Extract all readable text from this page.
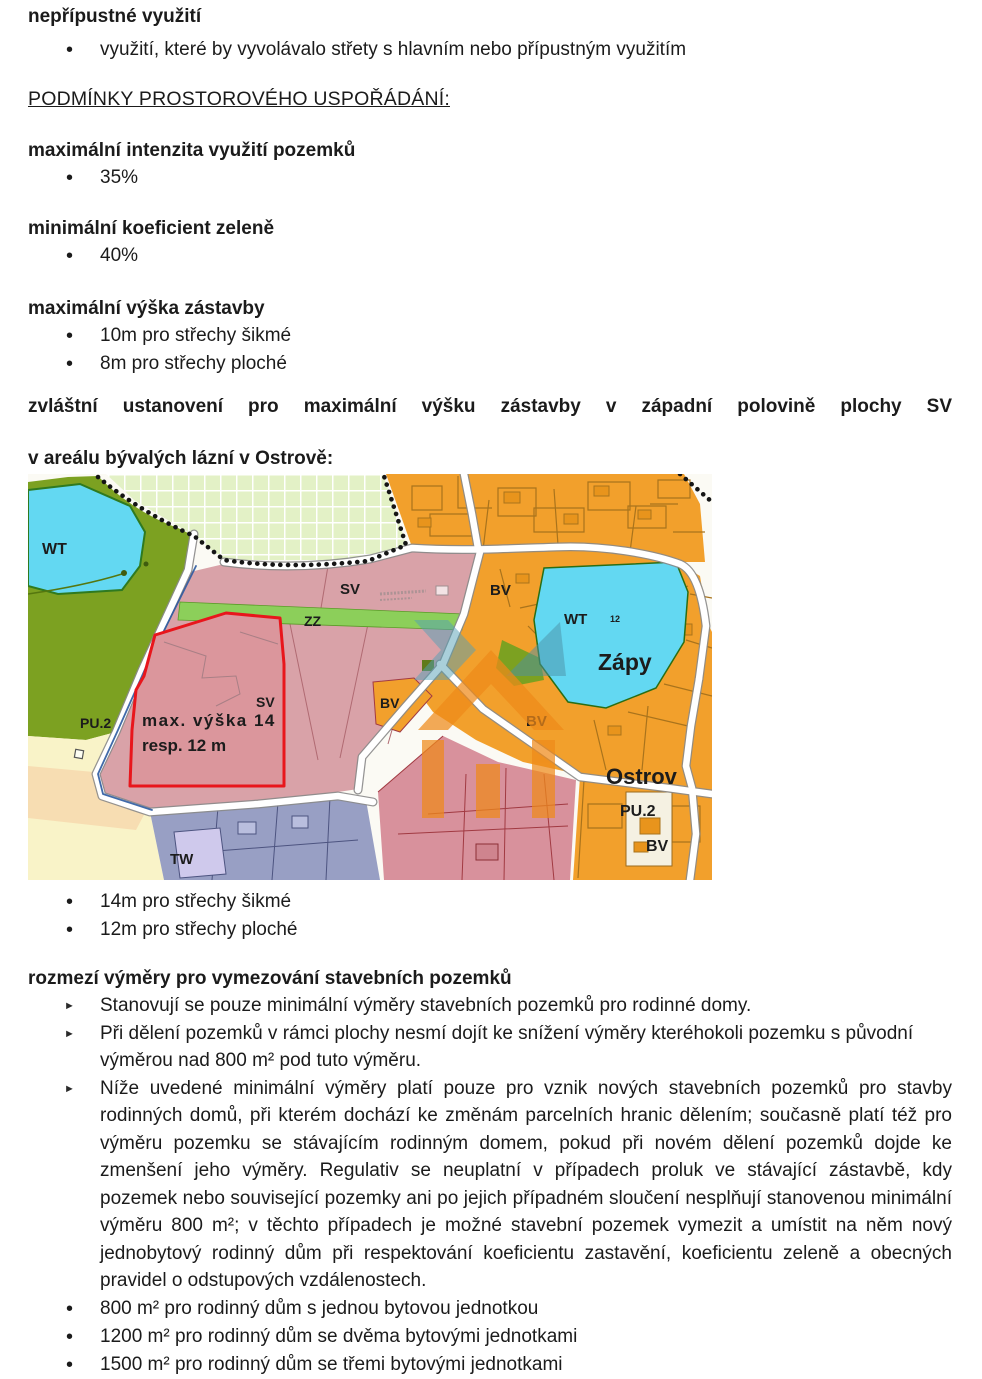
nepřípustné využití
• využití, které by vyvolávalo střety s hlavním nebo přípustným využitím
PODMÍNKY PROSTOROVÉHO USPOŘÁDÁNÍ:
maximální intenzita využití pozemků
• 35%
minimální koeficient zeleně
• 40%
maximální výška zástavby
• 10m pro střechy šikmé
• 8m pro střechy ploché
zvláštní ustanovení pro maximální výšku zástavby v západní polovině plochy SV
v areálu bývalých lázní v Ostrově:
WT
SV
ZZ
BV
WT	12
Zápy
PU.2
SV
max. výška 14
resp. 12 m
TW
BV
Ostrov
PU.2
BV
• 14m pro střechy šikmé
• 12m pro střechy ploché
rozmezí výměry pro vymezování stavebních pozemků
► Stanovují se pouze minimální výměry stavebních pozemků pro rodinné domy.
► Při dělení pozemků v rámci plochy nesmí dojít ke snížení výměry kteréhokoli pozemku s původní výměrou nad 800 m² pod tuto výměru.
► Níže uvedené minimální výměry platí pouze pro vznik nových stavebních pozemků pro stavby rodinných domů, při kterém dochází ke změnám parcelních hranic dělením; současně platí též pro výměru pozemku se stávajícím rodinným domem, pokud při novém dělení pozemků dojde ke zmenšení jeho výměry. Regulativ se neuplatní v případech proluk ve stávající zástavbě, kdy pozemek nebo související pozemky ani po jejich případném sloučení nesplňují stanovenou minimální výměru 800 m²; v těchto případech je možné stavební pozemek vymezit a umístit na něm nový jednobytový rodinný dům při respektování koeficientu zastavění, koeficientu zeleně a obecných pravidel o odstupových vzdálenostech.
• 800 m² pro rodinný dům s jednou bytovou jednotkou
• 1200 m² pro rodinný dům se dvěma bytovými jednotkami
• 1500 m² pro rodinný dům se třemi bytovými jednotkami
